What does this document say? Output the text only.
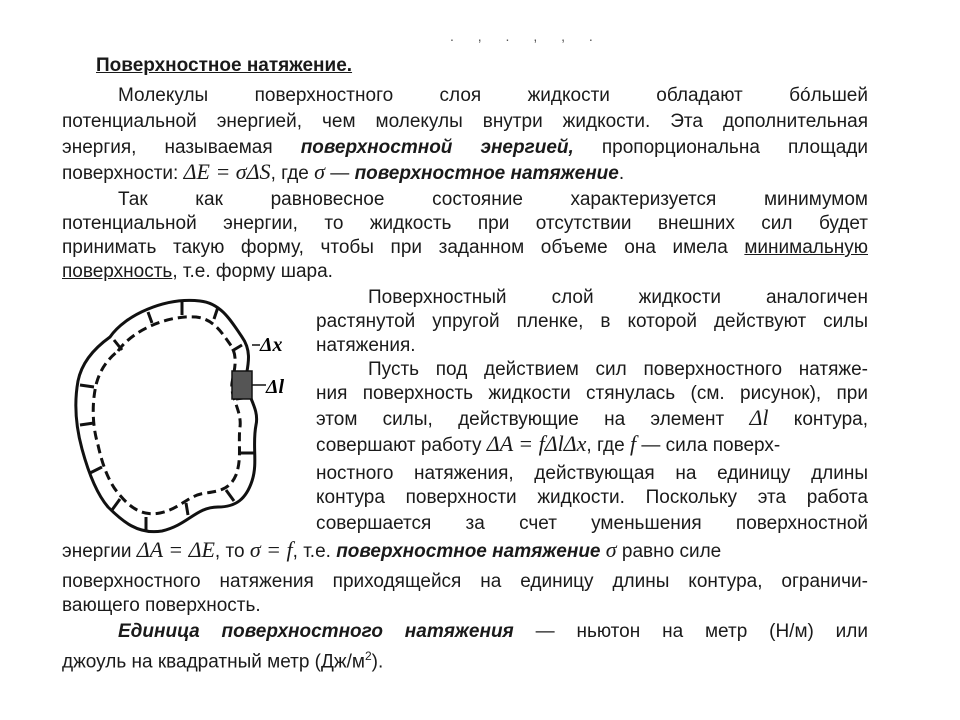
. , . , , .
Поверхностное натяжение.
Молекулы поверхностного слоя жидкости обладают бóльшей
потенциальной энергией, чем молекулы внутри жидкости. Эта дополнительная
энергия, называемая поверхностной энергией, пропорциональна площади
поверхности: ΔE = σΔS, где σ — поверхностное натяжение.
Так как равновесное состояние характеризуется минимумом
потенциальной энергии, то жидкость при отсутствии внешних сил будет
принимать такую форму, чтобы при заданном объеме она имела минимальную
поверхность, т.е. форму шара.
Δx
Δl
Поверхностный слой жидкости аналогичен
растянутой упругой пленке, в которой действуют силы
натяжения.
Пусть под действием сил поверхностного натяже-
ния поверхность жидкости стянулась (см. рисунок), при
этом силы, действующие на элемент Δl контура,
совершают работу ΔA = fΔlΔx, где f — сила поверх-
ностного натяжения, действующая на единицу длины
контура поверхности жидкости. Поскольку эта работа
совершается за счет уменьшения поверхностной
энергии ΔA = ΔE, то σ = f, т.е. поверхностное натяжение σ равно силе
поверхностного натяжения приходящейся на единицу длины контура, ограничи-
вающего поверхность.
Единица поверхностного натяжения — ньютон на метр (Н/м) или
джоуль на квадратный метр $(Дж/м^2)$.
